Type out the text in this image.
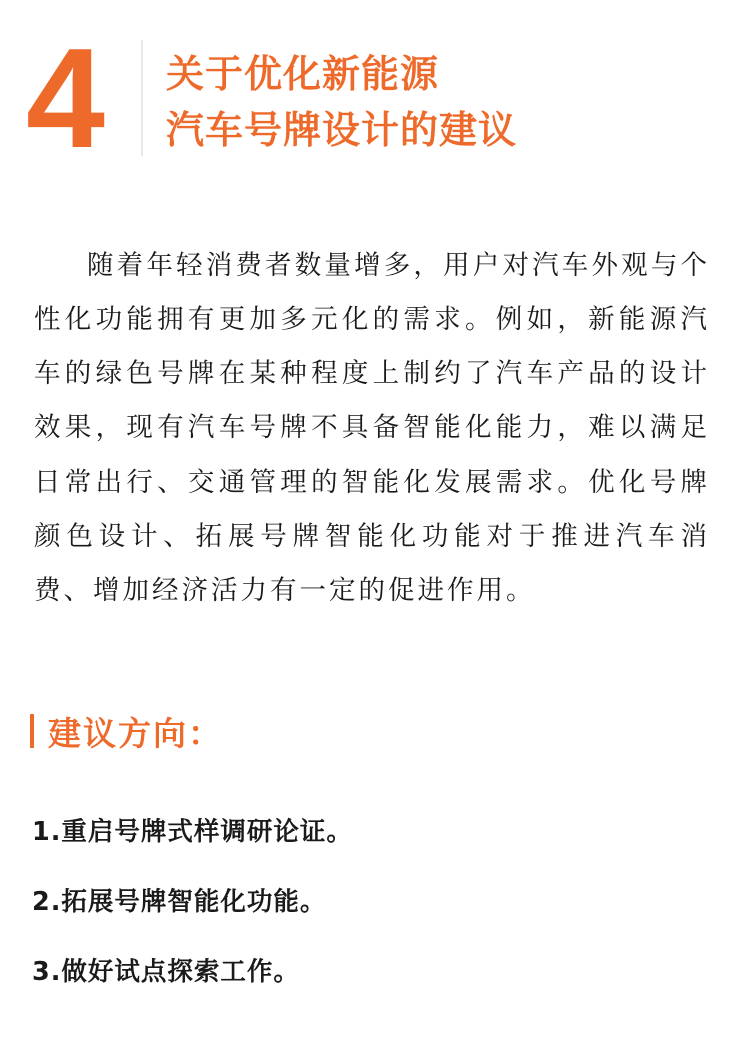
4 关于优化新能源
汽车号牌设计的建议

随着年轻消费者数量增多，用户对汽车外观与个性化功能拥有更加多元化的需求。例如，新能源汽车的绿色号牌在某种程度上制约了汽车产品的设计效果，现有汽车号牌不具备智能化能力，难以满足日常出行、交通管理的智能化发展需求。优化号牌颜色设计、拓展号牌智能化功能对于推进汽车消费、增加经济活力有一定的促进作用。

建议方向：
1.重启号牌式样调研论证。
2.拓展号牌智能化功能。
3.做好试点探索工作。
